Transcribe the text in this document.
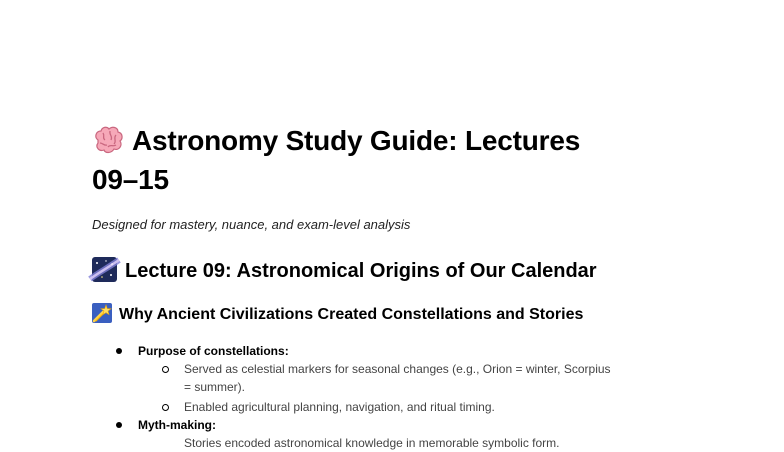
Astronomy Study Guide: Lectures
09–15

Designed for mastery, nuance, and exam-level analysis

Lecture 09: Astronomical Origins of Our Calendar
Why Ancient Civilizations Created Constellations and Stories
Purpose of constellations:
Served as celestial markers for seasonal changes (e.g., Orion = winter, Scorpius
= summer).
Enabled agricultural planning, navigation, and ritual timing.
Myth-making:
Stories encoded astronomical knowledge in memorable symbolic form.
